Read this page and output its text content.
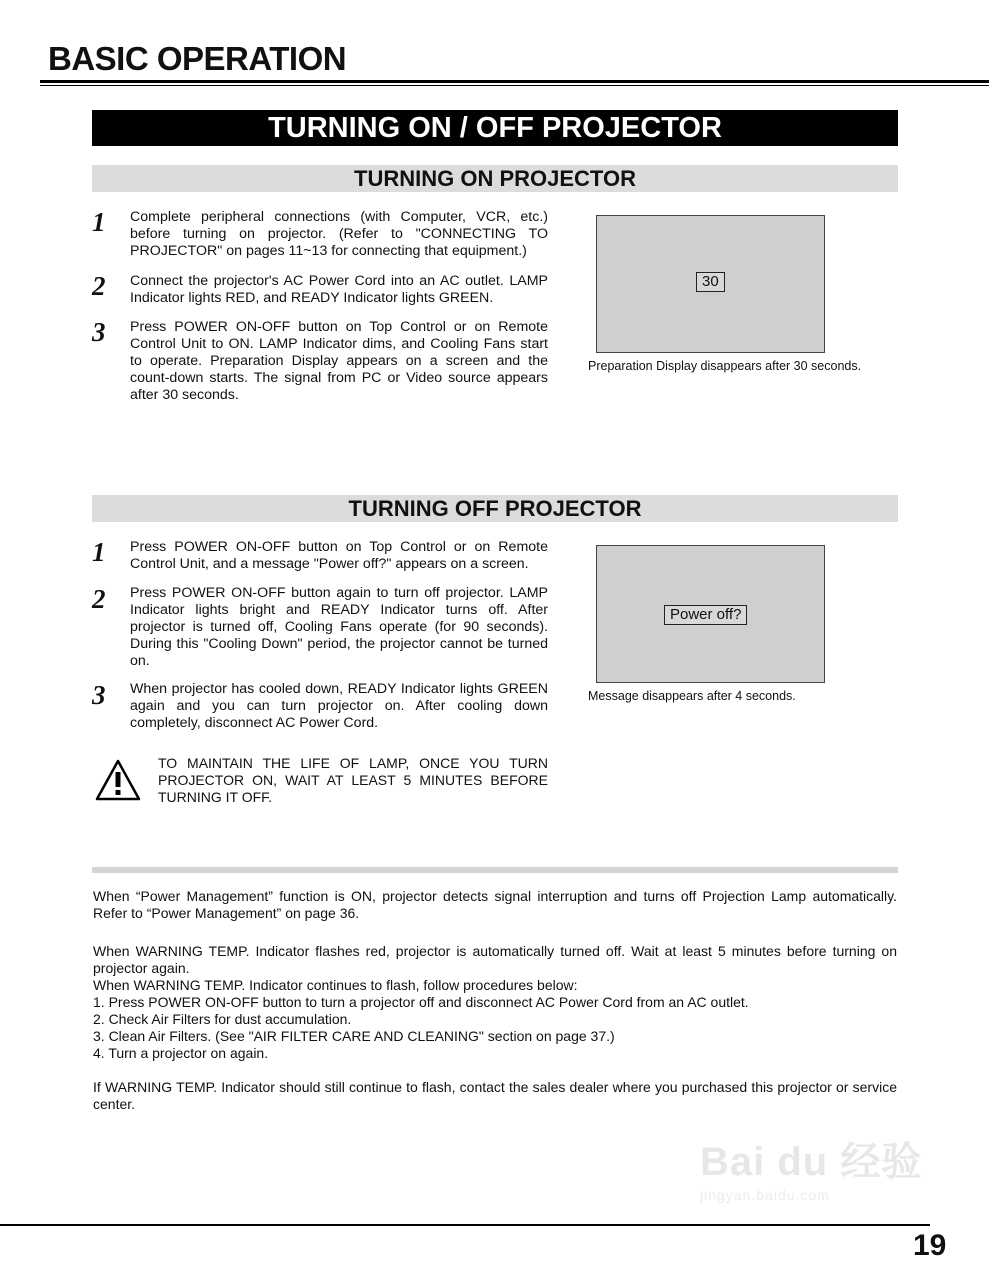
BASIC OPERATION
TURNING ON / OFF PROJECTOR
TURNING ON PROJECTOR
1 Complete peripheral connections (with Computer, VCR, etc.) before turning on projector. (Refer to "CONNECTING TO PROJECTOR" on pages 11~13 for connecting that equipment.)
2 Connect the projector's AC Power Cord into an AC outlet. LAMP Indicator lights RED, and READY Indicator lights GREEN.
3 Press POWER ON-OFF button on Top Control or on Remote Control Unit to ON. LAMP Indicator dims, and Cooling Fans start to operate. Preparation Display appears on a screen and the count-down starts. The signal from PC or Video source appears after 30 seconds.
30
Preparation Display disappears after 30 seconds.
TURNING OFF PROJECTOR
1 Press POWER ON-OFF button on Top Control or on Remote Control Unit, and a message "Power off?" appears on a screen.
2 Press POWER ON-OFF button again to turn off projector. LAMP Indicator lights bright and READY Indicator turns off. After projector is turned off, Cooling Fans operate (for 90 seconds). During this "Cooling Down" period, the projector cannot be turned on.
3 When projector has cooled down, READY Indicator lights GREEN again and you can turn projector on. After cooling down completely, disconnect AC Power Cord.
Power off?
Message disappears after 4 seconds.
TO MAINTAIN THE LIFE OF LAMP, ONCE YOU TURN PROJECTOR ON, WAIT AT LEAST 5 MINUTES BEFORE TURNING IT OFF.

When “Power Management” function is ON, projector detects signal interruption and turns off Projection Lamp automatically. Refer to “Power Management” on page 36.

When WARNING TEMP. Indicator flashes red, projector is automatically turned off. Wait at least 5 minutes before turning on projector again.

When WARNING TEMP. Indicator continues to flash, follow procedures below:

1. Press POWER ON-OFF button to turn a projector off and disconnect AC Power Cord from an AC outlet.

2. Check Air Filters for dust accumulation.

3. Clean Air Filters. (See "AIR FILTER CARE AND CLEANING" section on page 37.)

4. Turn a projector on again.

If WARNING TEMP. Indicator should still continue to flash, contact the sales dealer where you purchased this projector or service center.

Bai du 经验
jingyan.baidu.com
19
